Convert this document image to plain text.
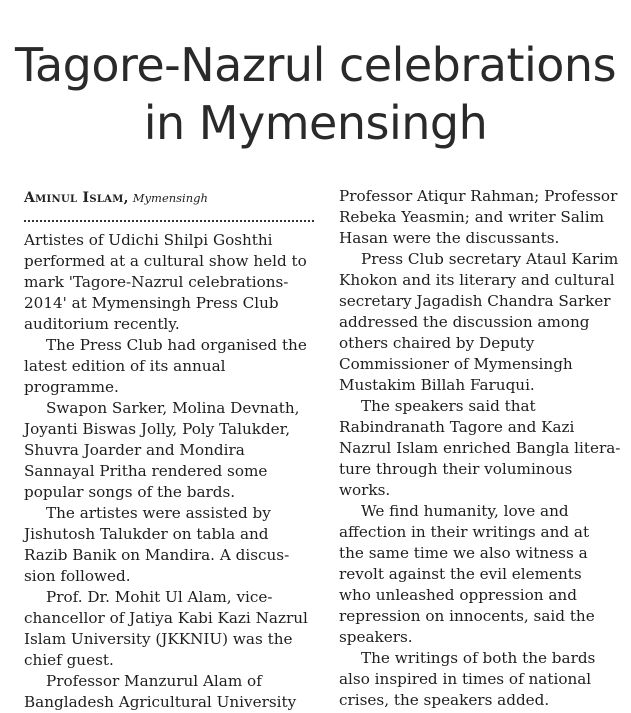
Tagore-Nazrul celebrations
in Mymensingh
Aminul Islam, Mymensingh
Artistes of Udichi Shilpi Goshthi
performed at a cultural show held to
mark 'Tagore-Nazrul celebrations-
2014' at Mymensingh Press Club
auditorium recently.
The Press Club had organised the
latest edition of its annual
programme.
Swapon Sarker, Molina Devnath,
Joyanti Biswas Jolly, Poly Talukder,
Shuvra Joarder and Mondira
Sannayal Pritha rendered some
popular songs of the bards.
The artistes were assisted by
Jishutosh Talukder on tabla and
Razib Banik on Mandira. A discus-
sion followed.
Prof. Dr. Mohit Ul Alam, vice-
chancellor of Jatiya Kabi Kazi Nazrul
Islam University (JKKNIU) was the
chief guest.
Professor Manzurul Alam of
Bangladesh Agricultural University
Professor Atiqur Rahman; Professor
Rebeka Yeasmin; and writer Salim
Hasan were the discussants.
Press Club secretary Ataul Karim
Khokon and its literary and cultural
secretary Jagadish Chandra Sarker
addressed the discussion among
others chaired by Deputy
Commissioner of Mymensingh
Mustakim Billah Faruqui.
The speakers said that
Rabindranath Tagore and Kazi
Nazrul Islam enriched Bangla litera-
ture through their voluminous
works.
We find humanity, love and
affection in their writings and at
the same time we also witness a
revolt against the evil elements
who unleashed oppression and
repression on innocents, said the
speakers.
The writings of both the bards
also inspired in times of national
crises, the speakers added.
